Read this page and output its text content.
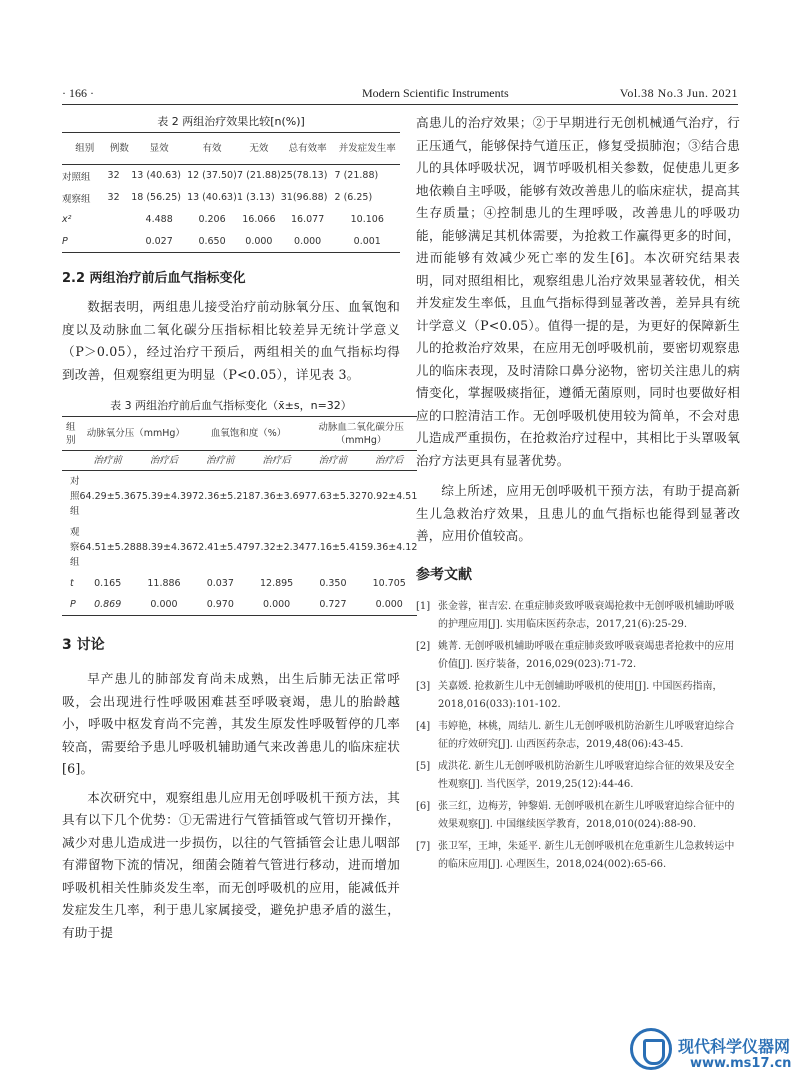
· 166 ·	Modern Scientific Instruments	Vol.38 No.3 Jun. 2021
表 2 两组治疗效果比较[n(%)]
组别	例数	显效	有效	无效	总有效率	并发症发生率
对照组	32	13 (40.63)	12 (37.50)	7 (21.88)	25(78.13)	7 (21.88)
观察组	32	18 (56.25)	13 (40.63)	1 (3.13)	31(96.88)	2 (6.25)
x²		4.488	0.206	16.066	16.077	10.106
P		0.027	0.650	0.000	0.000	0.001
2.2 两组治疗前后血气指标变化

数据表明，两组患儿接受治疗前动脉氧分压、血氧饱和度以及动脉血二氧化碳分压指标相比较差异无统计学意义（P＞0.05），经过治疗干预后，两组相关的血气指标均得到改善，但观察组更为明显（P<0.05），详见表 3。

表 3 两组治疗前后血气指标变化（x̄±s，n=32）
组别	动脉氧分压（mmHg）		血氧饱和度（%）		动脉血二氧化碳分压（mmHg）	
	治疗前	治疗后	治疗前	治疗后	治疗前	治疗后
对照组	64.29±5.36	75.39±4.39	72.36±5.21	87.36±3.69	77.63±5.32	70.92±4.51
观察组	64.51±5.28	88.39±4.36	72.41±5.47	97.32±2.34	77.16±5.41	59.36±4.12
t	0.165	11.886	0.037	12.895	0.350	10.705
P	0.869	0.000	0.970	0.000	0.727	0.000
3 讨论

早产患儿的肺部发育尚未成熟，出生后肺无法正常呼吸，会出现进行性呼吸困难甚至呼吸衰竭，患儿的胎龄越小，呼吸中枢发育尚不完善，其发生原发性呼吸暂停的几率较高，需要给予患儿呼吸机辅助通气来改善患儿的临床症状[6]。

本次研究中，观察组患儿应用无创呼吸机干预方法，其具有以下几个优势：①无需进行气管插管或气管切开操作，减少对患儿造成进一步损伤，以往的气管插管会让患儿咽部有滞留物下流的情况，细菌会随着气管进行移动，进而增加呼吸机相关性肺炎发生率，而无创呼吸机的应用，能减低并发症发生几率，利于患儿家属接受，避免护患矛盾的滋生，有助于提

高患儿的治疗效果；②于早期进行无创机械通气治疗，行正压通气，能够保持气道压正，修复受损肺泡；③结合患儿的具体呼吸状况，调节呼吸机相关参数，促使患儿更多地依赖自主呼吸，能够有效改善患儿的临床症状，提高其生存质量；④控制患儿的生理呼吸，改善患儿的呼吸功能，能够满足其机体需要，为抢救工作赢得更多的时间，进而能够有效减少死亡率的发生[6]。本次研究结果表明，同对照组相比，观察组患儿治疗效果显著较优，相关并发症发生率低，且血气指标得到显著改善，差异具有统计学意义（P<0.05）。值得一提的是，为更好的保障新生儿的抢救治疗效果，在应用无创呼吸机前，要密切观察患儿的临床表现，及时清除口鼻分泌物，密切关注患儿的病情变化，掌握吸痰指征，遵循无菌原则，同时也要做好相应的口腔清洁工作。无创呼吸机使用较为简单，不会对患儿造成严重损伤，在抢救治疗过程中，其相比于头罩吸氧治疗方法更具有显著优势。

综上所述，应用无创呼吸机干预方法，有助于提高新生儿急救治疗效果，且患儿的血气指标也能得到显著改善，应用价值较高。

参考文献
[1] 张金蓉，崔吉宏. 在重症肺炎致呼吸衰竭抢救中无创呼吸机辅助呼吸的护理应用[J]. 实用临床医药杂志，2017,21(6):25-29.
[2] 姚菁. 无创呼吸机辅助呼吸在重症肺炎致呼吸衰竭患者抢救中的应用价值[J]. 医疗装备，2016,029(023):71-72.
[3] 关嘉媛. 抢救新生儿中无创辅助呼吸机的使用[J]. 中国医药指南，2018,016(033):101-102.
[4] 韦婷艳，林桃，周结儿. 新生儿无创呼吸机防治新生儿呼吸窘迫综合征的疗效研究[J]. 山西医药杂志，2019,48(06):43-45.
[5] 成洪花. 新生儿无创呼吸机防治新生儿呼吸窘迫综合征的效果及安全性观察[J]. 当代医学，2019,25(12):44-46.
[6] 张三红，边梅芳，钟黎娟. 无创呼吸机在新生儿呼吸窘迫综合征中的效果观察[J]. 中国继续医学教育，2018,010(024):88-90.
[7] 张卫军，王坤，朱延平. 新生儿无创呼吸机在危重新生儿急救转运中的临床应用[J]. 心理医生，2018,024(002):65-66.
现代科学仪器网
www.ms17.cn
